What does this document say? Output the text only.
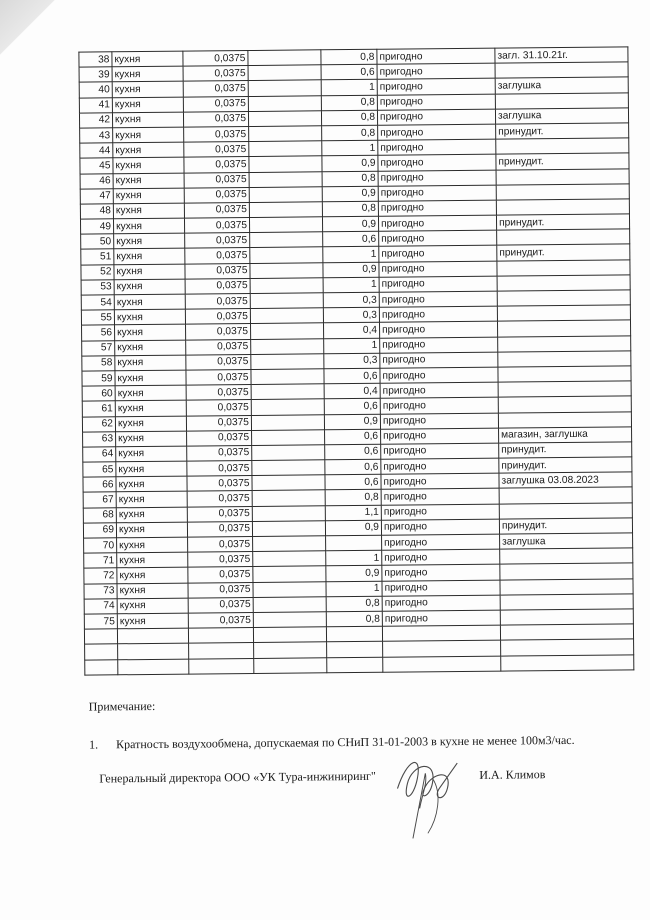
38	кухня	0,0375		0,8	пригодно	загл. 31.10.21г.
39	кухня	0,0375		0,6	пригодно	
40	кухня	0,0375		1	пригодно	заглушка
41	кухня	0,0375		0,8	пригодно	
42	кухня	0,0375		0,8	пригодно	заглушка
43	кухня	0,0375		0,8	пригодно	принудит.
44	кухня	0,0375		1	пригодно	
45	кухня	0,0375		0,9	пригодно	принудит.
46	кухня	0,0375		0,8	пригодно	
47	кухня	0,0375		0,9	пригодно	
48	кухня	0,0375		0,8	пригодно	
49	кухня	0,0375		0,9	пригодно	принудит.
50	кухня	0,0375		0,6	пригодно	
51	кухня	0,0375		1	пригодно	принудит.
52	кухня	0,0375		0,9	пригодно	
53	кухня	0,0375		1	пригодно	
54	кухня	0,0375		0,3	пригодно	
55	кухня	0,0375		0,3	пригодно	
56	кухня	0,0375		0,4	пригодно	
57	кухня	0,0375		1	пригодно	
58	кухня	0,0375		0,3	пригодно	
59	кухня	0,0375		0,6	пригодно	
60	кухня	0,0375		0,4	пригодно	
61	кухня	0,0375		0,6	пригодно	
62	кухня	0,0375		0,9	пригодно	
63	кухня	0,0375		0,6	пригодно	магазин, заглушка
64	кухня	0,0375		0,6	пригодно	принудит.
65	кухня	0,0375		0,6	пригодно	принудит.
66	кухня	0,0375		0,6	пригодно	заглушка 03.08.2023
67	кухня	0,0375		0,8	пригодно	
68	кухня	0,0375		1,1	пригодно	
69	кухня	0,0375		0,9	пригодно	принудит.
70	кухня	0,0375			пригодно	заглушка
71	кухня	0,0375		1	пригодно	
72	кухня	0,0375		0,9	пригодно	
73	кухня	0,0375		1	пригодно	
74	кухня	0,0375		0,8	пригодно	
75	кухня	0,0375		0,8	пригодно	

Примечание:
1. Кратность воздухообмена, допускаемая по СНиП 31-01-2003 в кухне не менее 100м3/час.
Генеральный директора ООО «УК Тура-инжиниринг"	И.А. Климов
